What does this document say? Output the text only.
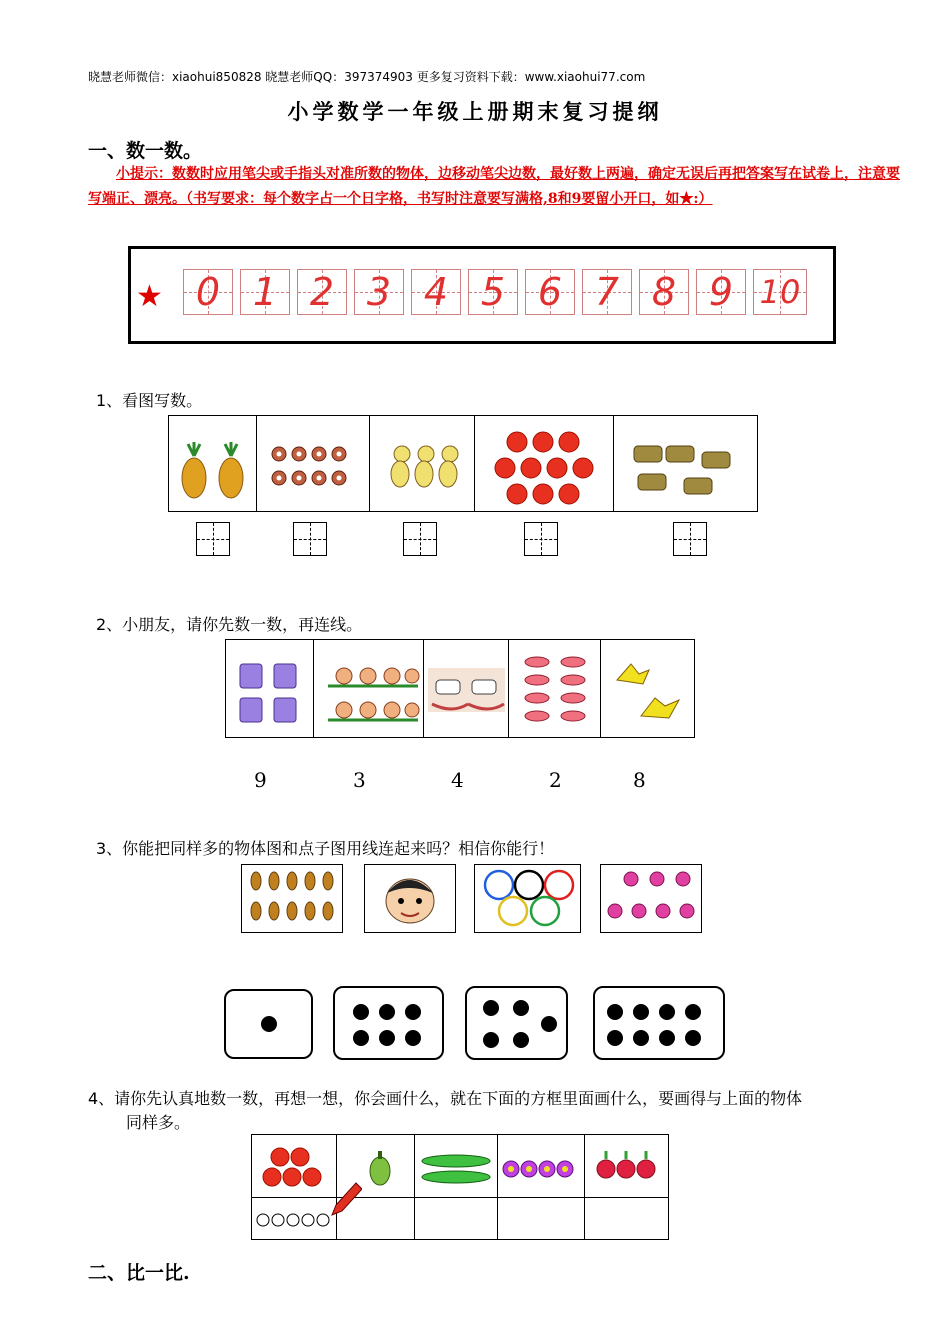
晓慧老师微信：xiaohui850828 晓慧老师QQ：397374903 更多复习资料下载：www.xiaohui77.com
小学数学一年级上册期末复习提纲
一、数一数。
小提示：数数时应用笔尖或手指头对准所数的物体，边移动笔尖边数，最好数上两遍，确定无误后再把答案写在试卷上，注意要写端正、漂亮。（书写要求：每个数字占一个日字格，书写时注意要写满格,8和9要留小开口，如★:）
0 1 2 3 4 5 6 7 8 9 10
★
1、看图写数。
2、小朋友，请你先数一数，再连线。
9	3	4	2	8
3、你能把同样多的物体图和点子图用线连起来吗？相信你能行！
4、请你先认真地数一数，再想一想，你会画什么，就在下面的方框里面画什么，要画得与上面的物体
同样多。
二、比一比.
